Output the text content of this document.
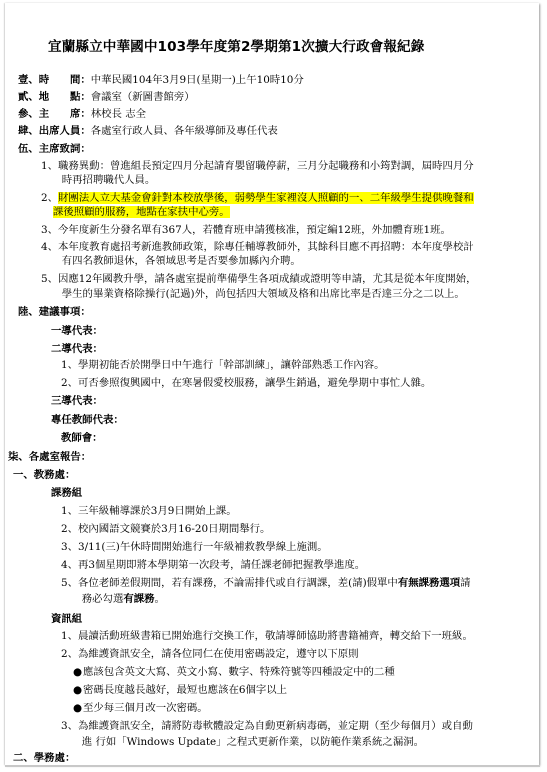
宜蘭縣立中華國中103學年度第2學期第1次擴大行政會報紀錄
壹、時　　間：中華民國104年3月9日(星期一)上午10時10分
貳、地　　點：會議室（新圖書館旁）
參、主　　席：林校長 志全
肆、出席人員：各處室行政人員、各年級導師及專任代表
伍、主席致詞：
1、職務異動：曾進組長預定四月分起請育嬰留職停薪，三月分起職務和小筠對調，屆時四月分
　　時再招聘職代人員。
2、財團法人立大基金會針對本校放學後，弱勢學生家裡沒人照顧的一、二年級學生提供晚餐和
課後照顧的服務，地點在家扶中心旁。
3、今年度新生分發名單有367人，若體育班申請獲核准，預定編12班，外加體育班1班。
4、本年度教育處招考新進教師政策，除專任輔導教師外，其餘科目應不再招聘：本年度學校計
　　有四名教師退休，各領域思考是否要參加縣內介聘。
5、因應12年國教升學，請各處室提前準備學生各項成績或證明等申請，尤其是從本年度開始，
　　學生的畢業資格除操行(記過)外，尚包括四大領域及格和出席比率是否達三分之二以上。
陸、建議事項：
一導代表：
二導代表：
1、學期初能否於開學日中午進行「幹部訓練」，讓幹部熟悉工作內容。
2、可否參照復興國中，在寒暑假愛校服務，讓學生銷過，避免學期中事忙人雜。
三導代表：
專任教師代表：
教師會：
柒、各處室報告：
一、教務處：
課務組
1、三年級輔導課於3月9日開始上課。
2、校內國語文競賽於3月16-20日期間舉行。
3、3/11(三)午休時間開始進行一年級補救教學線上施測。
4、再3個星期即將本學期第一次段考，請任課老師把握教學進度。
5、各位老師差假期間，若有課務，不論需排代或自行調課，差(請)假單中有無課務選項請
　　務必勾選有課務。
資訊組
1、晨讀活動班級書箱已開始進行交換工作，敬請導師協助將書籍補齊，轉交給下一班級。
2、為維護資訊安全，請各位同仁在使用密碼設定，遵守以下原則
●應該包含英文大寫、英文小寫、數字、特殊符號等四種設定中的二種
●密碼長度越長越好，最短也應該在6個字以上
●至少每三個月改一次密碼。
3、為維護資訊安全，請將防毒軟體設定為自動更新病毒碼，並定期（至少每個月）或自動
　　進 行如「Windows Update」之程式更新作業，以防範作業系統之漏洞。
二、學務處：
